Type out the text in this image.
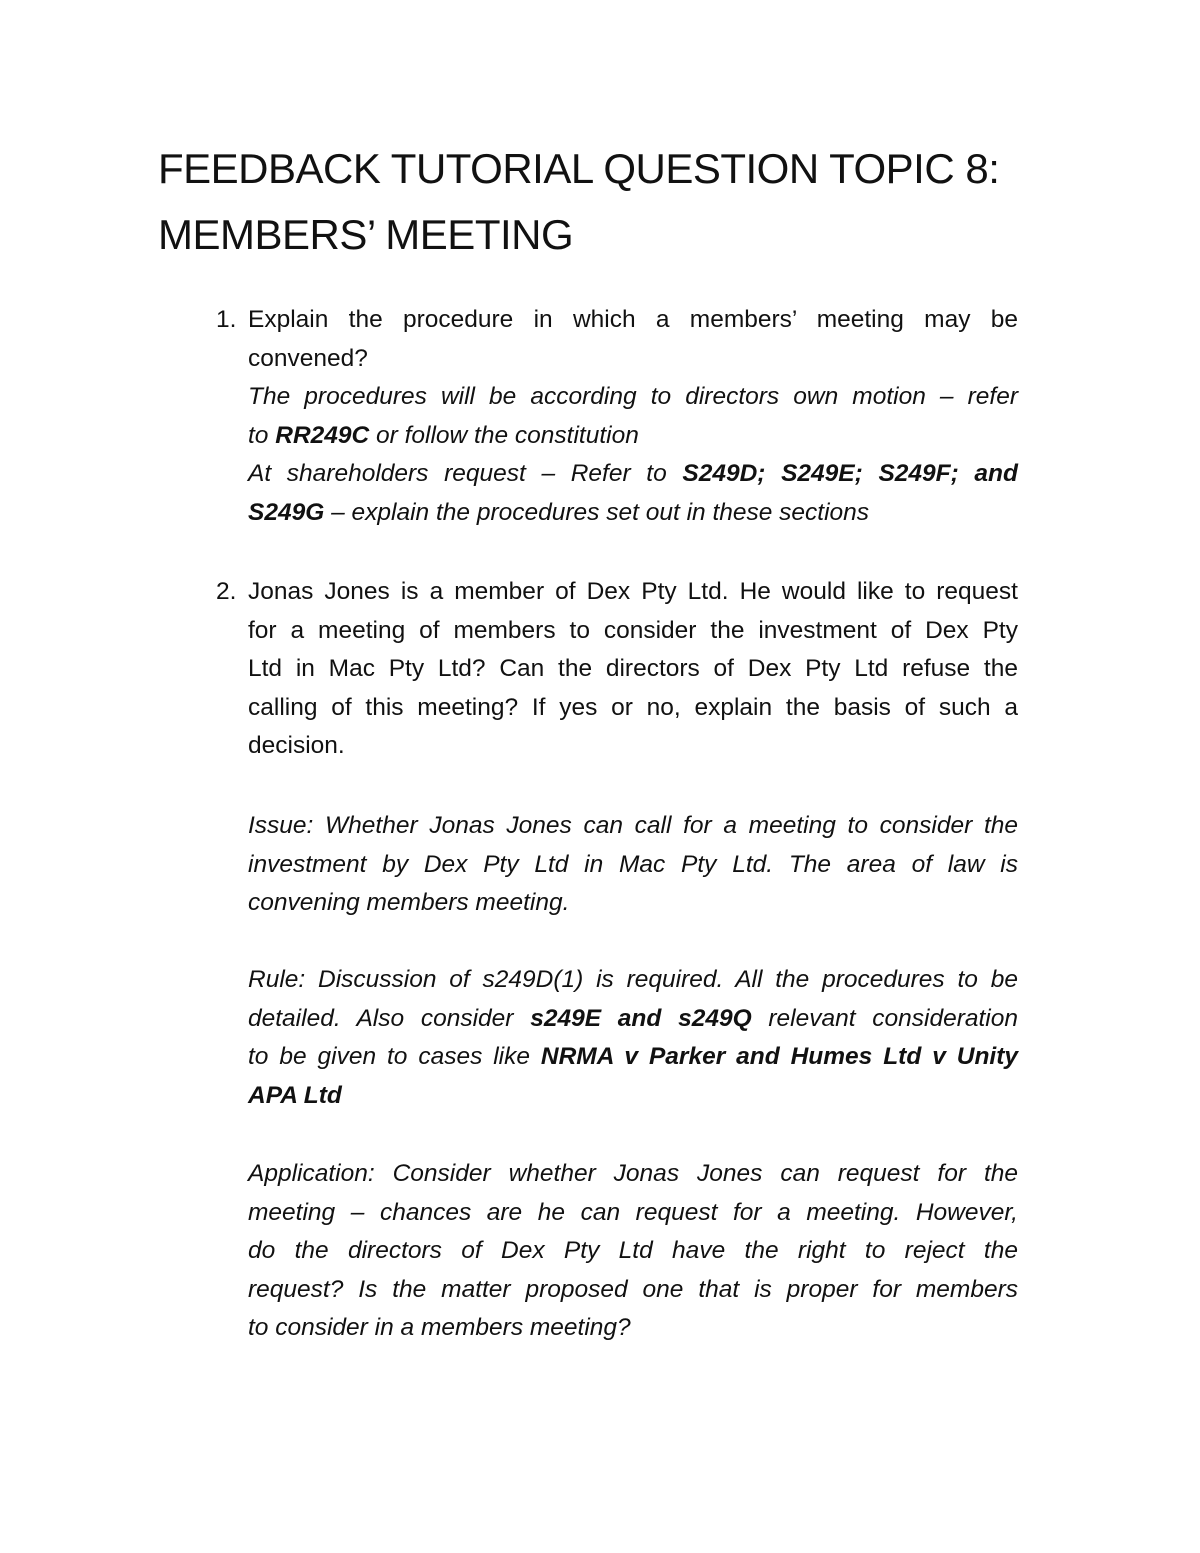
FEEDBACK TUTORIAL QUESTION TOPIC 8:
MEMBERS’ MEETING
1. Explain the procedure in which a members’ meeting may be
convened?
The procedures will be according to directors own motion – refer
to RR249C or follow the constitution
At shareholders request – Refer to S249D; S249E; S249F; and
S249G – explain the procedures set out in these sections
2. Jonas Jones is a member of Dex Pty Ltd. He would like to request
for a meeting of members to consider the investment of Dex Pty
Ltd in Mac Pty Ltd? Can the directors of Dex Pty Ltd refuse the
calling of this meeting? If yes or no, explain the basis of such a
decision.
Issue: Whether Jonas Jones can call for a meeting to consider the
investment by Dex Pty Ltd in Mac Pty Ltd. The area of law is
convening members meeting.
Rule: Discussion of s249D(1) is required. All the procedures to be
detailed. Also consider s249E and s249Q relevant consideration
to be given to cases like NRMA v Parker and Humes Ltd v Unity
APA Ltd
Application: Consider whether Jonas Jones can request for the
meeting – chances are he can request for a meeting. However,
do the directors of Dex Pty Ltd have the right to reject the
request? Is the matter proposed one that is proper for members
to consider in a members meeting?
